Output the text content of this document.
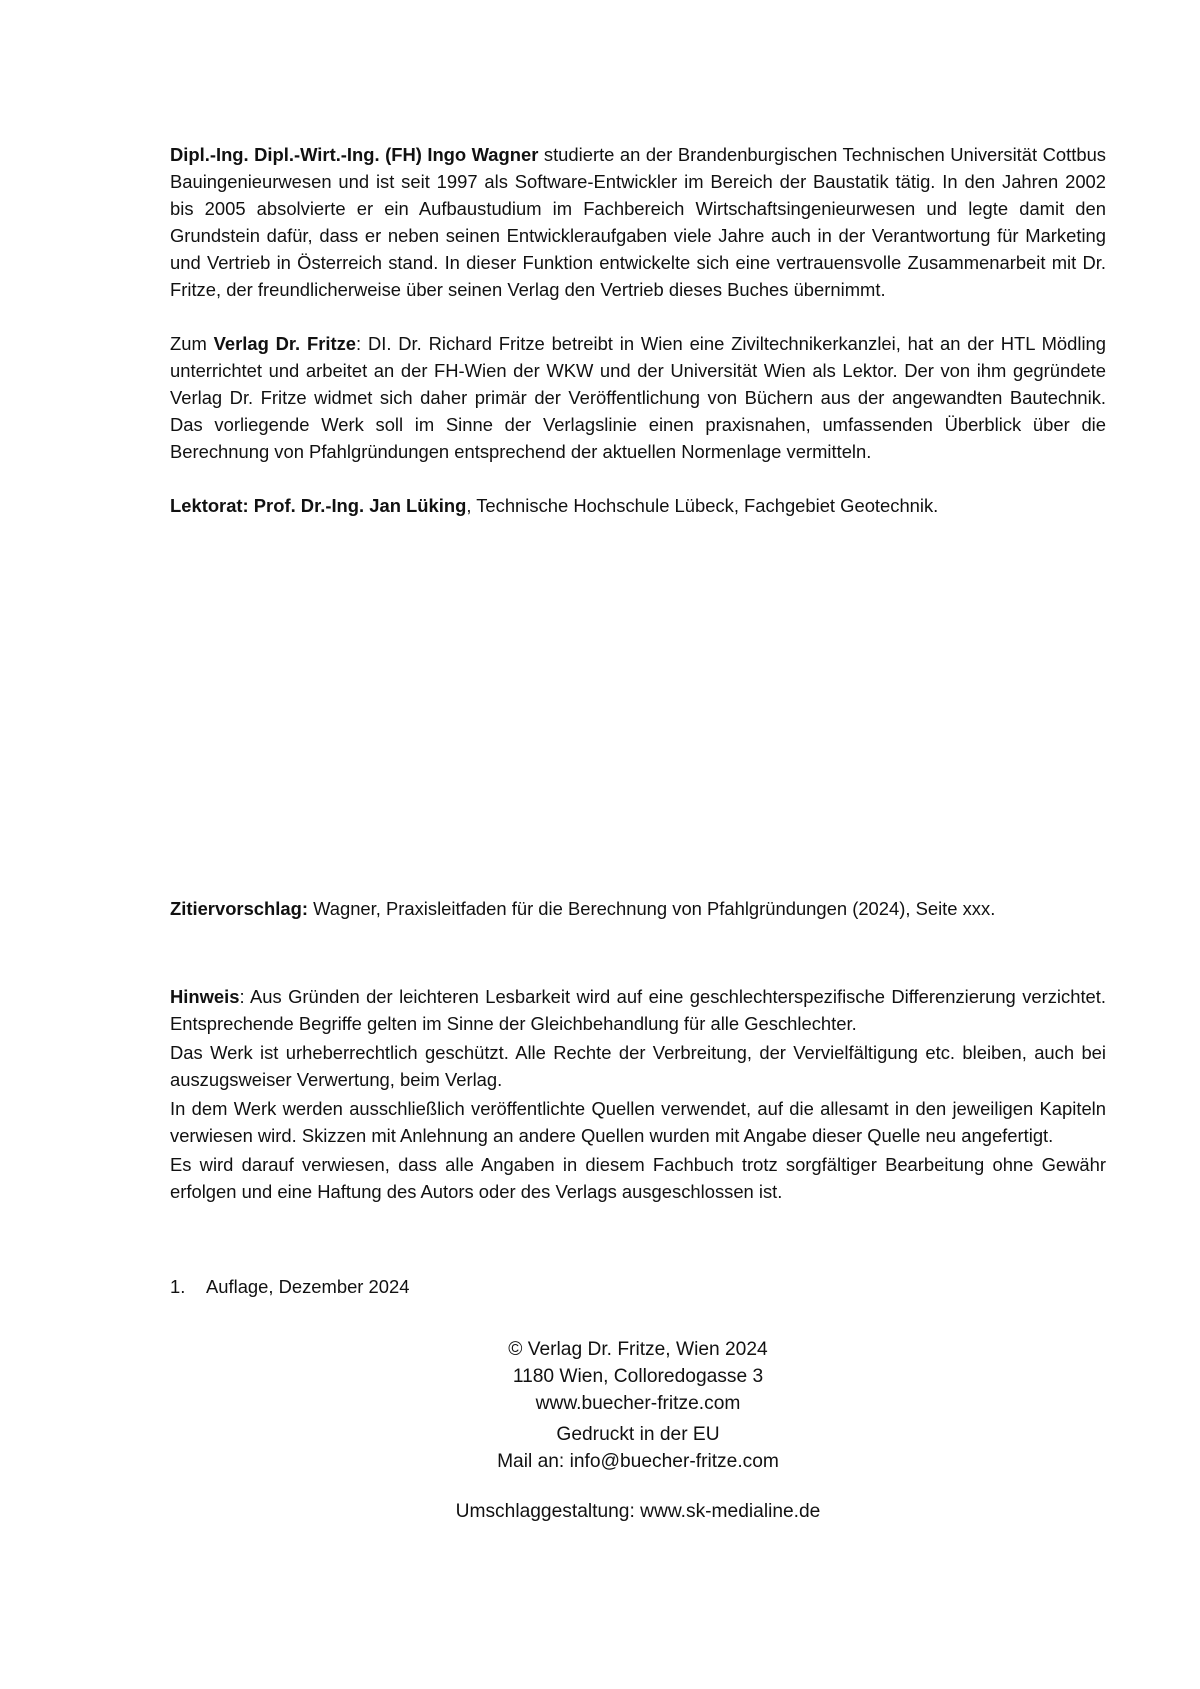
Dipl.-Ing. Dipl.-Wirt.-Ing. (FH) Ingo Wagner studierte an der Brandenburgischen Technischen Universität Cottbus Bauingenieurwesen und ist seit 1997 als Software-Entwickler im Bereich der Baustatik tätig. In den Jahren 2002 bis 2005 absolvierte er ein Aufbaustudium im Fachbereich Wirtschaftsingenieurwesen und legte damit den Grundstein dafür, dass er neben seinen Entwickleraufgaben viele Jahre auch in der Verantwortung für Marketing und Vertrieb in Österreich stand. In dieser Funktion entwickelte sich eine vertrauensvolle Zusammenarbeit mit Dr. Fritze, der freundlicherweise über seinen Verlag den Vertrieb dieses Buches übernimmt.

Zum Verlag Dr. Fritze: DI. Dr. Richard Fritze betreibt in Wien eine Ziviltechnikerkanzlei, hat an der HTL Mödling unterrichtet und arbeitet an der FH-Wien der WKW und der Universität Wien als Lektor. Der von ihm gegründete Verlag Dr. Fritze widmet sich daher primär der Veröffentlichung von Büchern aus der angewandten Bautechnik. Das vorliegende Werk soll im Sinne der Verlagslinie einen praxisnahen, umfassenden Überblick über die Berechnung von Pfahlgründungen entsprechend der aktuellen Normenlage vermitteln.

Lektorat: Prof. Dr.-Ing. Jan Lüking, Technische Hochschule Lübeck, Fachgebiet Geotechnik.

Zitiervorschlag: Wagner, Praxisleitfaden für die Berechnung von Pfahlgründungen (2024), Seite xxx.

Hinweis: Aus Gründen der leichteren Lesbarkeit wird auf eine geschlechterspezifische Differenzierung verzichtet. Entsprechende Begriffe gelten im Sinne der Gleichbehandlung für alle Geschlechter.

Das Werk ist urheberrechtlich geschützt. Alle Rechte der Verbreitung, der Vervielfältigung etc. bleiben, auch bei auszugsweiser Verwertung, beim Verlag.

In dem Werk werden ausschließlich veröffentlichte Quellen verwendet, auf die allesamt in den jeweiligen Kapiteln verwiesen wird. Skizzen mit Anlehnung an andere Quellen wurden mit Angabe dieser Quelle neu angefertigt.

Es wird darauf verwiesen, dass alle Angaben in diesem Fachbuch trotz sorgfältiger Bearbeitung ohne Gewähr erfolgen und eine Haftung des Autors oder des Verlags ausgeschlossen ist.

1. Auflage, Dezember 2024

© Verlag Dr. Fritze, Wien 2024
1180 Wien, Colloredogasse 3
www.buecher-fritze.com
Gedruckt in der EU
Mail an: info@buecher-fritze.com
Umschlaggestaltung: www.sk-medialine.de
